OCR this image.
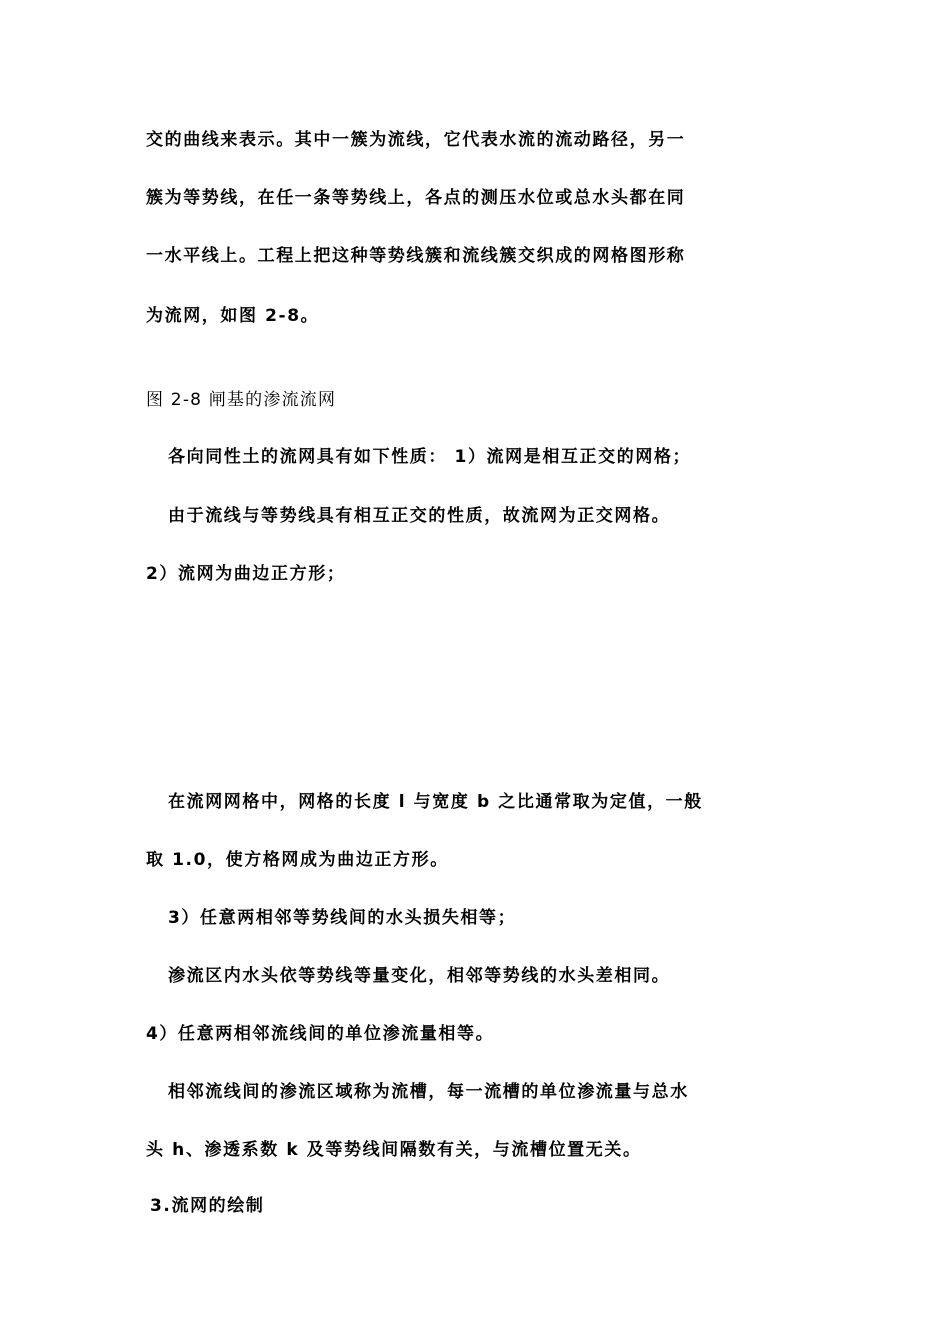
交的曲线来表示。其中一簇为流线，它代表水流的流动路径，另一

簇为等势线，在任一条等势线上，各点的测压水位或总水头都在同

一水平线上。工程上把这种等势线簇和流线簇交织成的网格图形称

为流网，如图 2-8。

图 2-8 闸基的渗流流网

各向同性土的流网具有如下性质： 1）流网是相互正交的网格；

由于流线与等势线具有相互正交的性质，故流网为正交网格。

2）流网为曲边正方形；

在流网网格中，网格的长度 l 与宽度 b 之比通常取为定值，一般

取 1.0，使方格网成为曲边正方形。

3）任意两相邻等势线间的水头损失相等；

渗流区内水头依等势线等量变化，相邻等势线的水头差相同。

4）任意两相邻流线间的单位渗流量相等。

相邻流线间的渗流区域称为流槽，每一流槽的单位渗流量与总水

头 h、渗透系数 k 及等势线间隔数有关，与流槽位置无关。

3.流网的绘制
